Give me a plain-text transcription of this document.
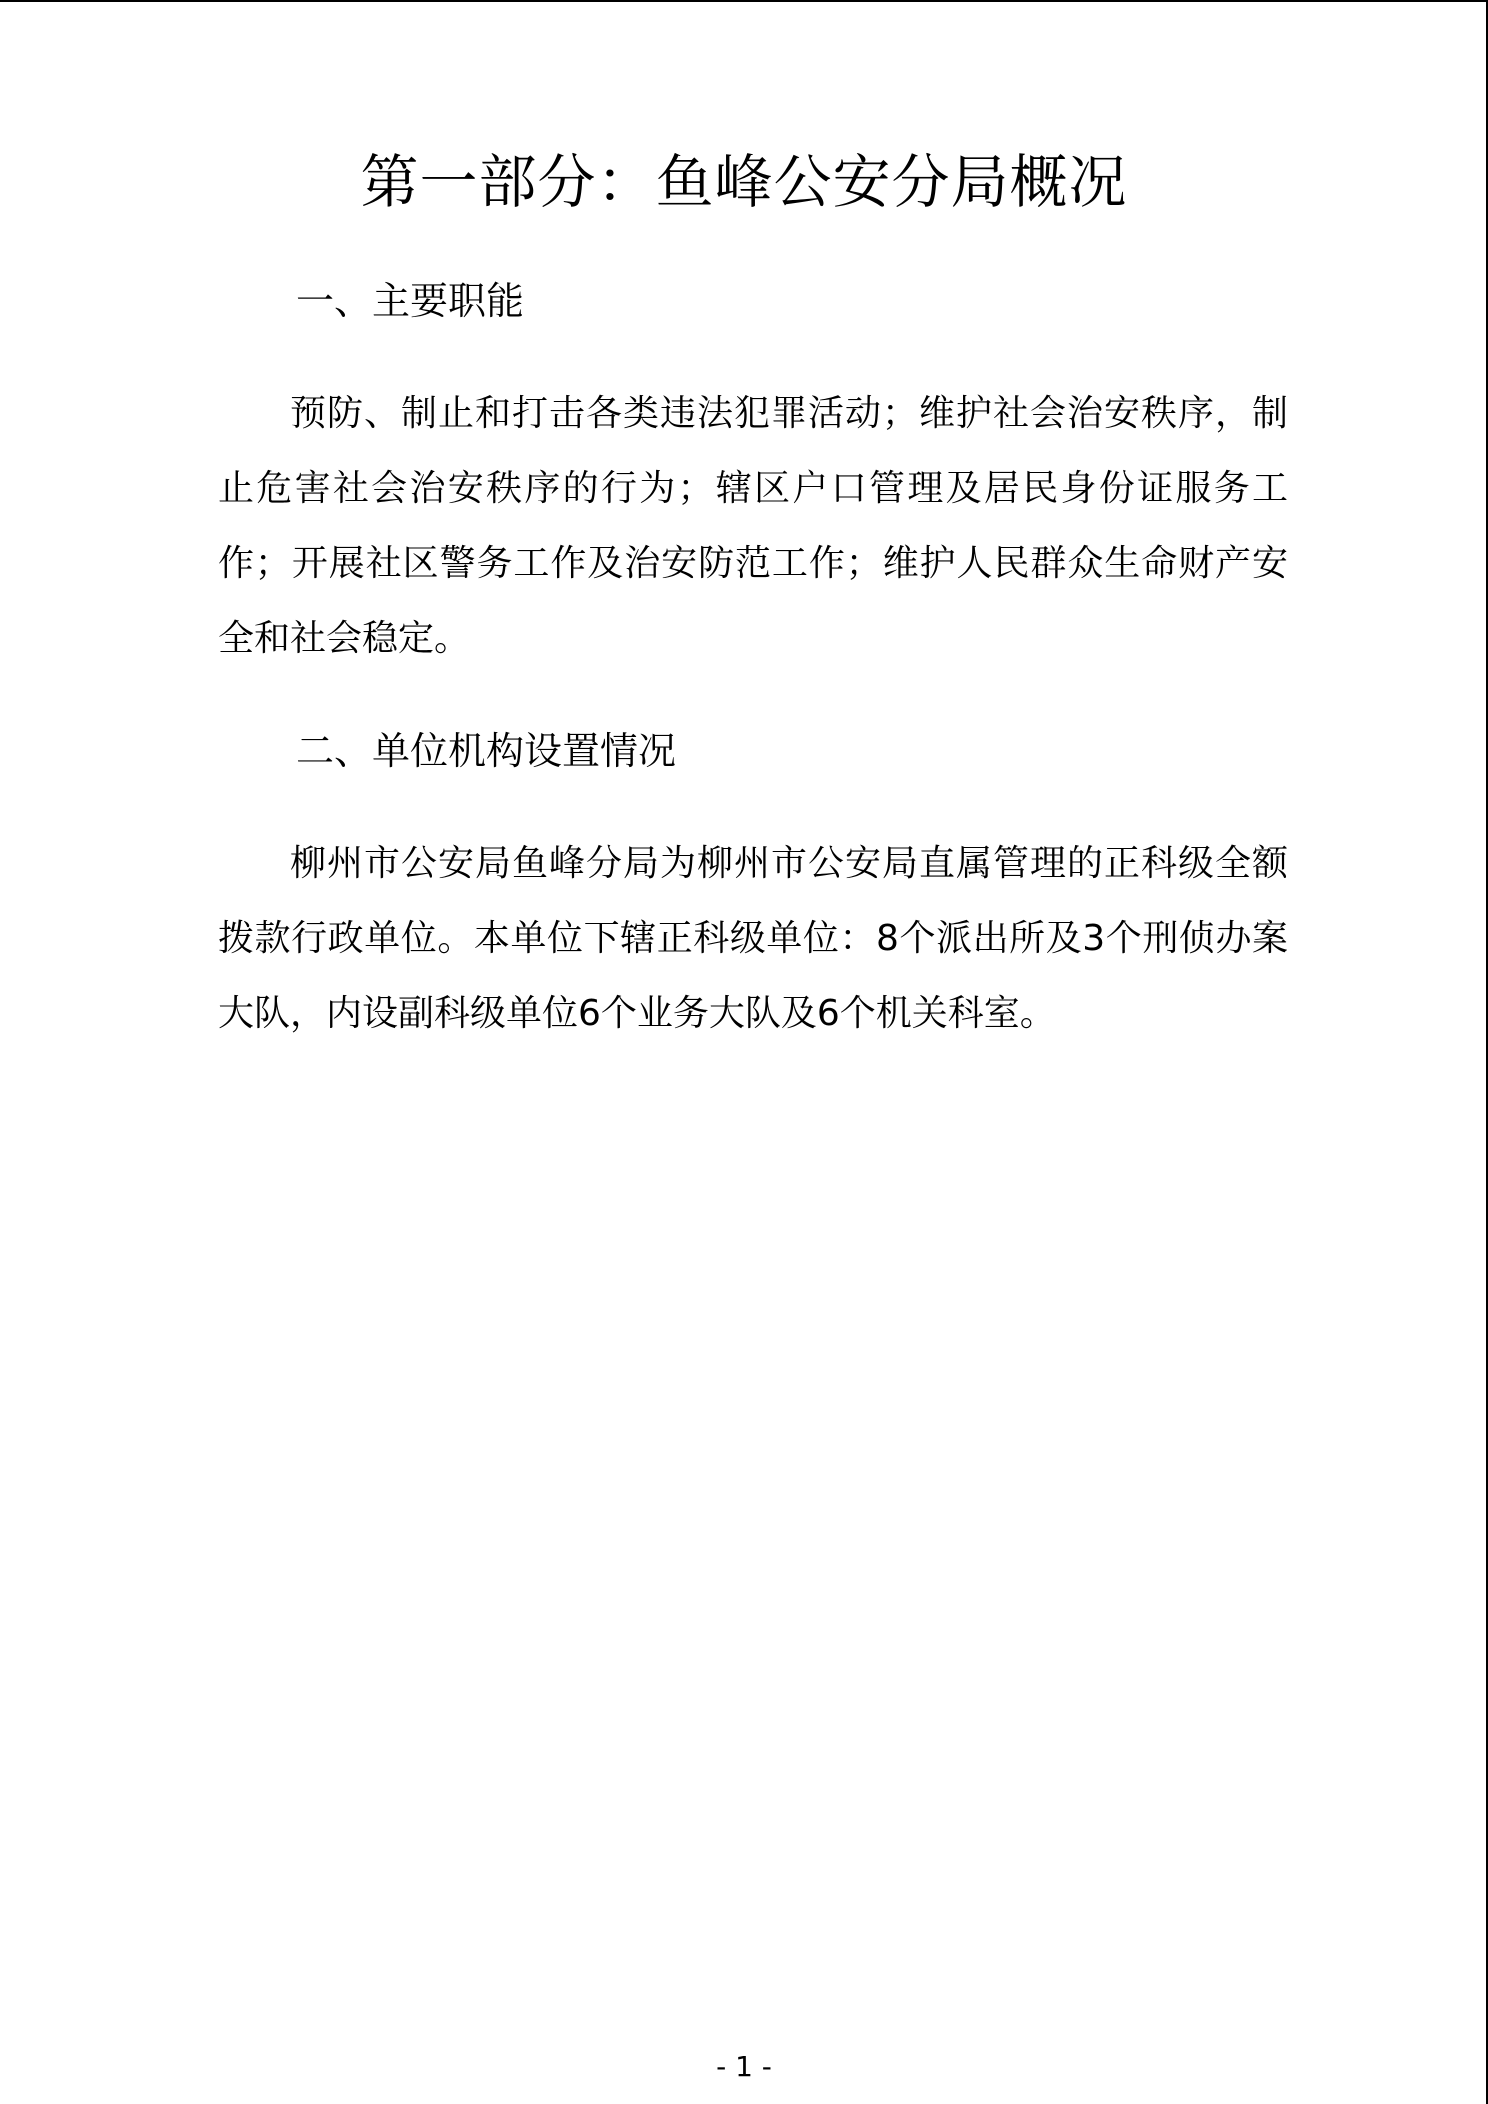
第一部分：鱼峰公安分局概况
一、主要职能

预防、制止和打击各类违法犯罪活动；维护社会治安秩序，制止危害社会治安秩序的行为；辖区户口管理及居民身份证服务工作；开展社区警务工作及治安防范工作；维护人民群众生命财产安全和社会稳定。

二、单位机构设置情况

柳州市公安局鱼峰分局为柳州市公安局直属管理的正科级全额拨款行政单位。本单位下辖正科级单位：8个派出所及3个刑侦办案大队，内设副科级单位6个业务大队及6个机关科室。

- 1 -
